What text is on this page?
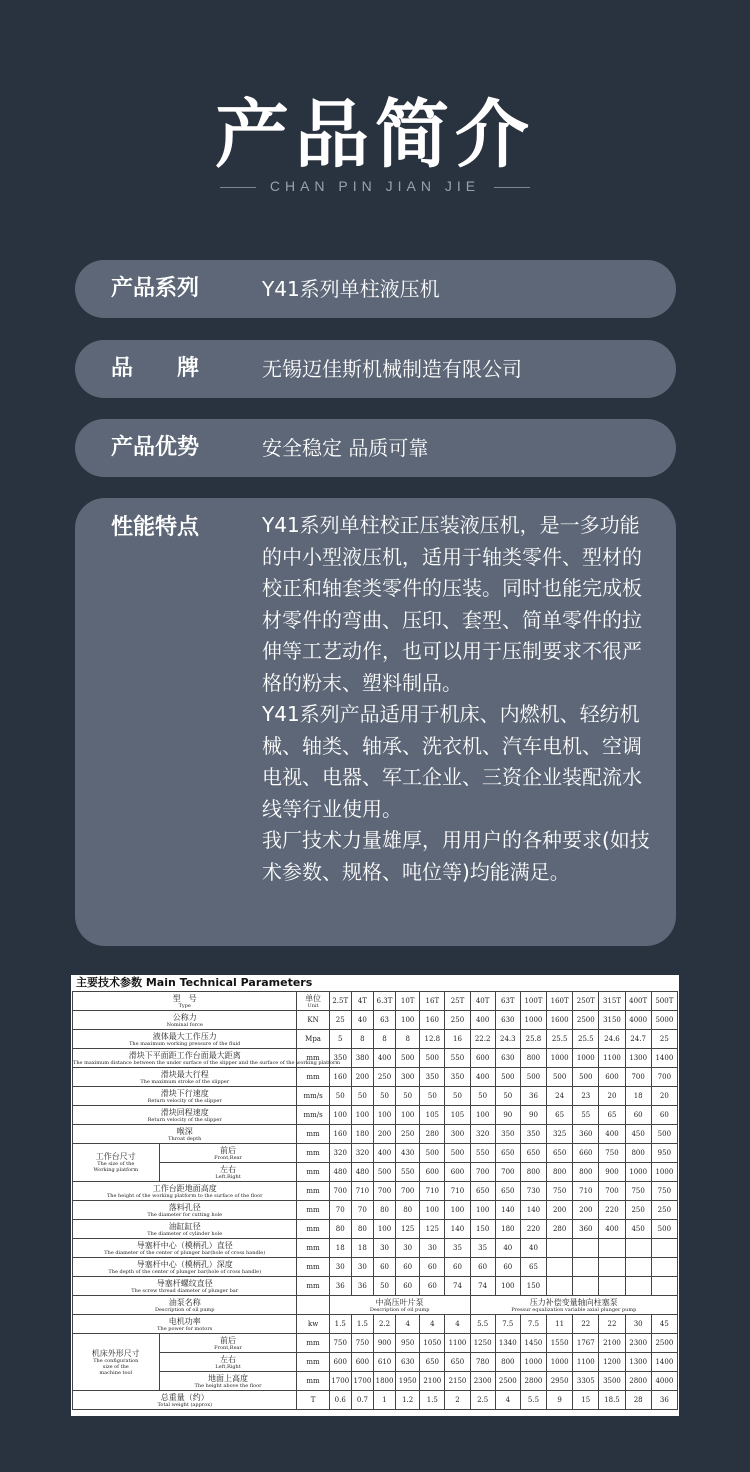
产品简介
CHAN PIN JIAN JIE
产品系列	Y41系列单柱液压机
品 牌	无锡迈佳斯机械制造有限公司
产品优势	安全稳定 品质可靠
性能特点	Y41系列单柱校正压装液压机，是一多功能的中小型液压机，适用于轴类零件、型材的校正和轴套类零件的压装。同时也能完成板材零件的弯曲、压印、套型、简单零件的拉伸等工艺动作，也可以用于压制要求不很严格的粉末、塑料制品。

Y41系列产品适用于机床、内燃机、轻纺机械、轴类、轴承、洗衣机、汽车电机、空调电视、电器、军工企业、三资企业装配流水线等行业使用。

我厂技术力量雄厚，用用户的各种要求(如技术参数、规格、吨位等)均能满足。

主要技术参数 Main Technical Parameters
型　号
Type		单位
Unit	2.5T	4T	6.3T	10T	16T	25T	40T	63T	100T	160T	250T	315T	400T	500T

公称力
Nominal force		KN	25	40	63	100	160	250	400	630	1000	1600	2500	3150	4000	5000

液体最大工作压力
The maximum working pressure of the fluid		Mpa	5	8	8	8	12.8	16	22.2	24.3	25.8	25.5	25.5	24.6	24.7	25

滑块下平面距工作台面最大距离
The maximum distance between the under surface of the slipper and the surface of the working platform		mm	350	380	400	500	500	550	600	630	800	1000	1000	1100	1300	1400

滑块最大行程
The maximum stroke of the slipper		mm	160	200	250	300	350	350	400	500	500	500	500	600	700	700

滑块下行速度
Return velocity of the slipper		mm/s	50	50	50	50	50	50	50	50	36	24	23	20	18	20

滑块回程速度
Return velocity of the slipper		mm/s	100	100	100	100	105	105	100	90	90	65	55	65	60	60

喉深
Throat depth		mm	160	180	200	250	280	300	320	350	350	325	360	400	450	500

工作台尺寸
The size of the
Working platform	前后
Front,Rear	mm	320	320	400	430	500	500	550	650	650	650	660	750	800	950

	左右
Left,Right	mm	480	480	500	550	600	600	700	700	800	800	800	900	1000	1000

工作台距地面高度
The height of the working platform to the surface of the floor		mm	700	710	700	700	710	710	650	650	730	750	710	700	750	750

落料孔径
The diameter for cutting hole		mm	70	70	80	80	100	100	100	140	140	200	200	220	250	250

油缸缸径
The diameter of cylinder hole		mm	80	80	100	125	125	140	150	180	220	280	360	400	450	500

导塞杆中心（模柄孔）直径
The diameter of the center of plunger bar(hole of cross handle)		mm	18	18	30	30	30	35	35	40	40					

导塞杆中心（模柄孔）深度
The depth of the center of plunger bar(hole of cross handle)		mm	30	30	60	60	60	60	60	60	65					

导塞杆螺纹直径
The screw thread diameter of plunger bar		mm	36	36	50	60	60	74	74	100	150					

油泵名称
Description of oil pump			中高压叶片泵
Description of oil pump						压力补偿变量轴向柱塞泵
Pressur equalization variable axial plunger pump							

电机功率
The power for motors		kw	1.5	1.5	2.2	4	4	4	5.5	7.5	7.5	11	22	22	30	45

机床外形尺寸
The configuration
size of the
machine tool	前后
Front,Rear	mm	750	750	900	950	1050	1100	1250	1340	1450	1550	1767	2100	2300	2500

	左右
Left,Right	mm	600	600	610	630	650	650	780	800	1000	1000	1100	1200	1300	1400

	地面上高度
The height above the floor	mm	1700	1700	1800	1950	2100	2150	2300	2500	2800	2950	3305	3500	2800	4000

总重量（约）
Total weight (approx)		T	0.6	0.7	1	1.2	1.5	2	2.5	4	5.5	9	15	18.5	28	36
